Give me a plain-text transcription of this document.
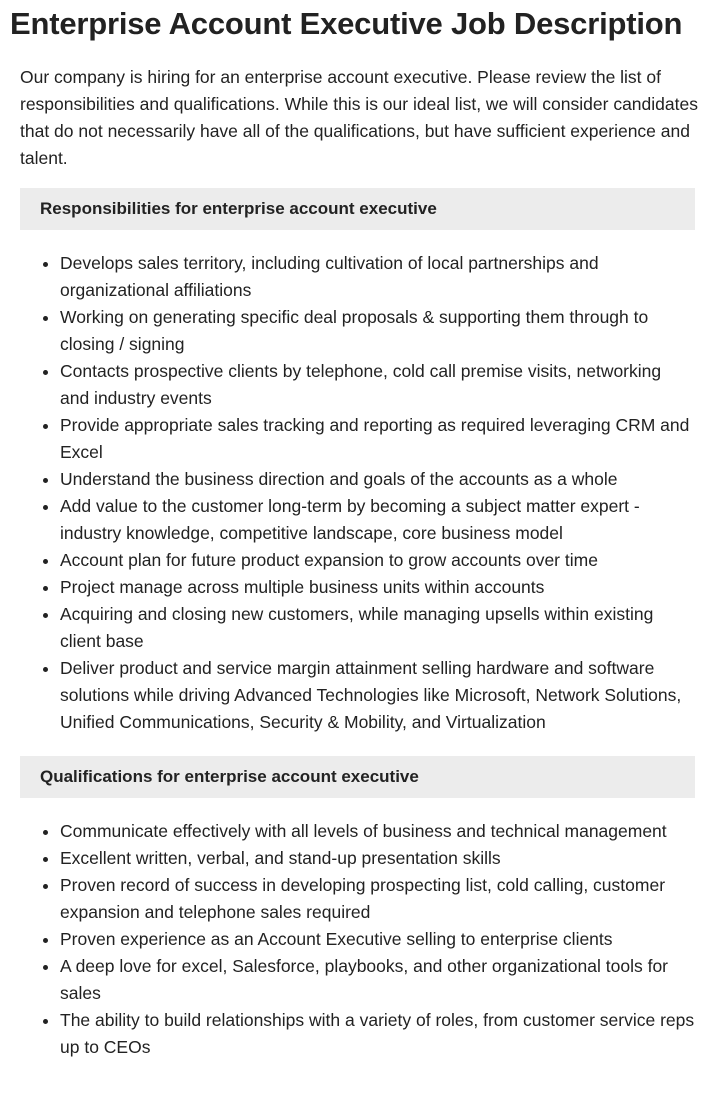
Enterprise Account Executive Job Description

Our company is hiring for an enterprise account executive. Please review the list of responsibilities and qualifications. While this is our ideal list, we will consider candidates that do not necessarily have all of the qualifications, but have sufficient experience and talent.

Responsibilities for enterprise account executive
• Develops sales territory, including cultivation of local partnerships and organizational affiliations
• Working on generating specific deal proposals & supporting them through to closing / signing
• Contacts prospective clients by telephone, cold call premise visits, networking and industry events
• Provide appropriate sales tracking and reporting as required leveraging CRM and Excel
• Understand the business direction and goals of the accounts as a whole
• Add value to the customer long-term by becoming a subject matter expert - industry knowledge, competitive landscape, core business model
• Account plan for future product expansion to grow accounts over time
• Project manage across multiple business units within accounts
• Acquiring and closing new customers, while managing upsells within existing client base
• Deliver product and service margin attainment selling hardware and software solutions while driving Advanced Technologies like Microsoft, Network Solutions, Unified Communications, Security & Mobility, and Virtualization
Qualifications for enterprise account executive
• Communicate effectively with all levels of business and technical management
• Excellent written, verbal, and stand-up presentation skills
• Proven record of success in developing prospecting list, cold calling, customer expansion and telephone sales required
• Proven experience as an Account Executive selling to enterprise clients
• A deep love for excel, Salesforce, playbooks, and other organizational tools for sales
• The ability to build relationships with a variety of roles, from customer service reps up to CEOs
